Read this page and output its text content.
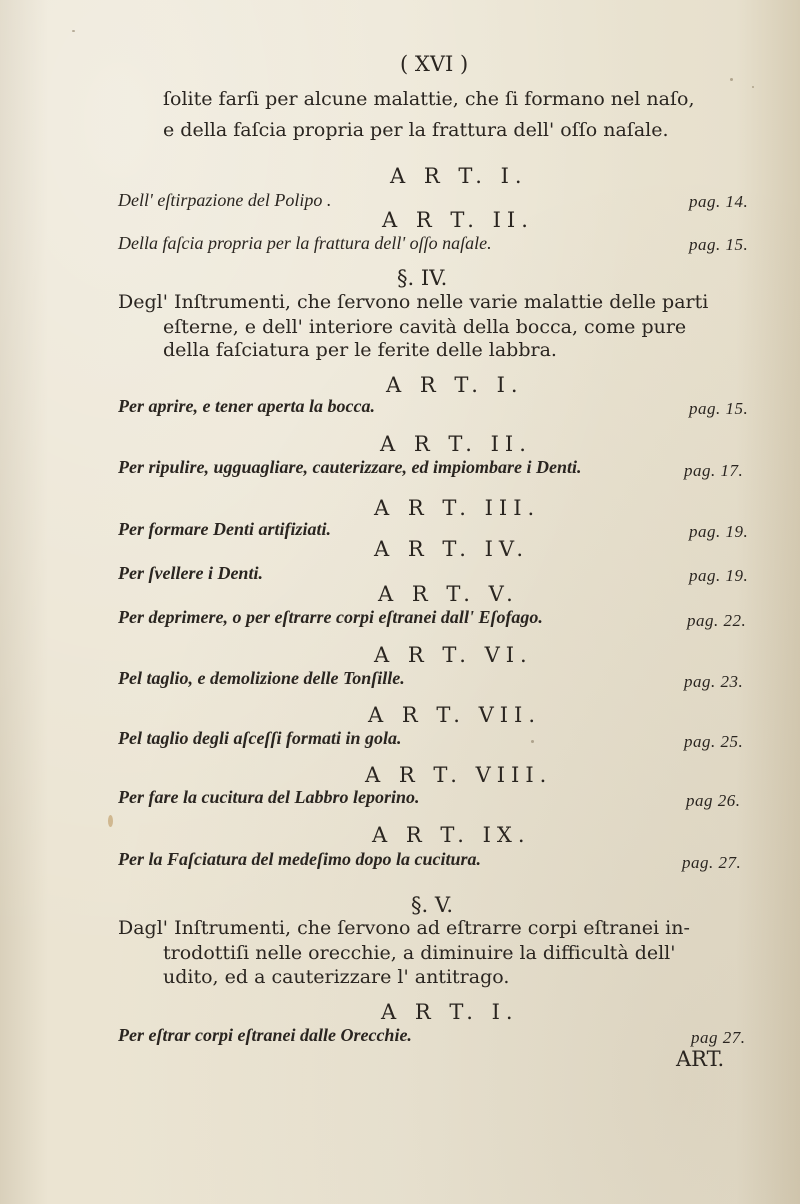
( XVI )
ſolite farſi per alcune malattie, che ſi formano nel naſo,
e della faſcia propria per la frattura dell' oſſo naſale.
A R T. I.
Dell' eſtirpazione del Polipo .	pag. 14.
A R T. II.
Della faſcia propria per la frattura dell' oſſo naſale.	pag. 15.
§. IV.
Degl' Inſtrumenti, che ſervono nelle varie malattie delle parti
eſterne, e dell' interiore cavità della bocca, come pure
della faſciatura per le ferite delle labbra.
A R T. I.
Per aprire, e tener aperta la bocca.	pag. 15.
A R T. II.
Per ripulire, ugguagliare, cauterizzare, ed impiombare i Denti.	pag. 17.
A R T. III.
Per formare Denti artifiziati.	pag. 19.
A R T. IV.
Per ſvellere i Denti.	pag. 19.
A R T. V.
Per deprimere, o per eſtrarre corpi eſtranei dall' Eſofago.	pag. 22.
A R T. VI.
Pel taglio, e demolizione delle Tonſille.	pag. 23.
A R T. VII.
Pel taglio degli aſceſſi formati in gola.	pag. 25.
A R T. VIII.
Per fare la cucitura del Labbro leporino.	pag 26.
A R T. IX.
Per la Faſciatura del medeſimo dopo la cucitura.	pag. 27.
§. V.
Dagl' Inſtrumenti, che ſervono ad eſtrarre corpi eſtranei in-
trodottiſi nelle orecchie, a diminuire la difficultà dell'
udito, ed a cauterizzare l' antitrago.
A R T. I.
Per eſtrar corpi eſtranei dalle Orecchie.	pag 27.
ART.
